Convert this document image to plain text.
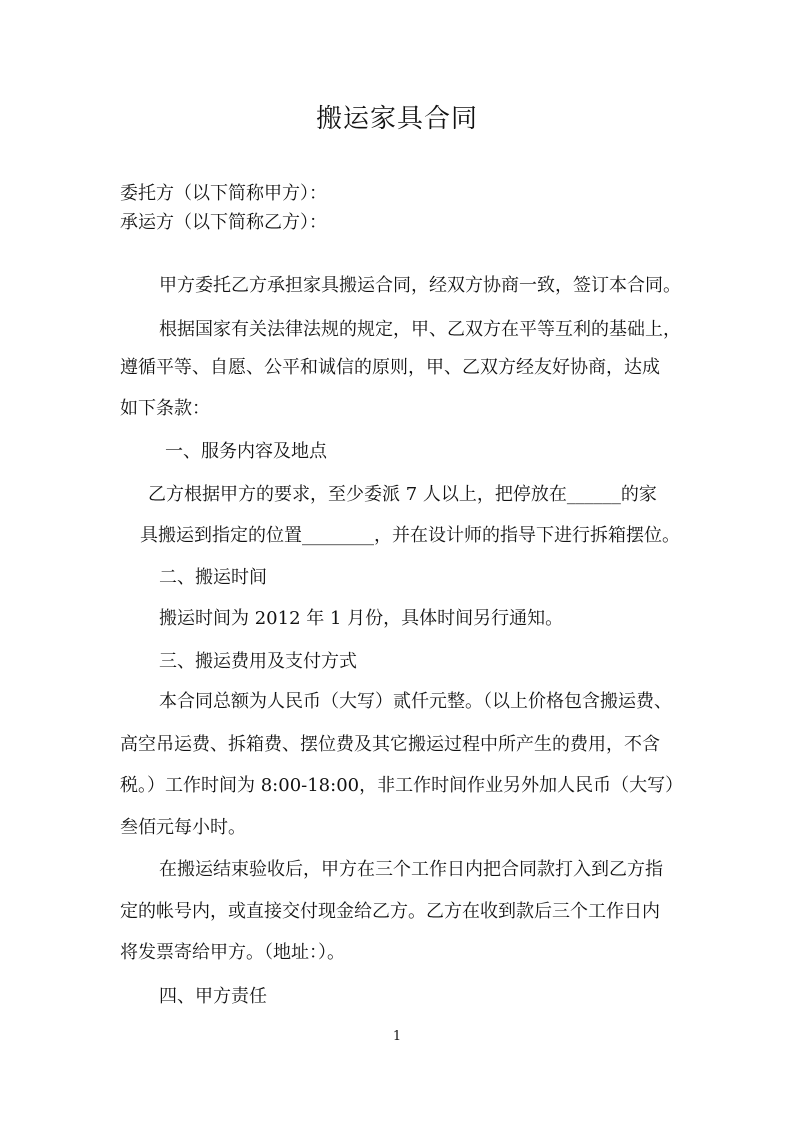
搬运家具合同
委托方（以下简称甲方）：
承运方（以下简称乙方）：
甲方委托乙方承担家具搬运合同，经双方协商一致，签订本合同。
根据国家有关法律法规的规定，甲、乙双方在平等互利的基础上，
遵循平等、自愿、公平和诚信的原则，甲、乙双方经友好协商，达成
如下条款：
一、服务内容及地点
乙方根据甲方的要求，至少委派 7 人以上，把停放在______的家
具搬运到指定的位置________，并在设计师的指导下进行拆箱摆位。
二、搬运时间
搬运时间为 2012 年 1 月份，具体时间另行通知。
三、搬运费用及支付方式
本合同总额为人民币（大写）贰仟元整。（以上价格包含搬运费、
高空吊运费、拆箱费、摆位费及其它搬运过程中所产生的费用，不含
税。）工作时间为 8:00-18:00，非工作时间作业另外加人民币（大写）
叁佰元每小时。
在搬运结束验收后，甲方在三个工作日内把合同款打入到乙方指
定的帐号内，或直接交付现金给乙方。乙方在收到款后三个工作日内
将发票寄给甲方。（地址：）。
四、甲方责任
1
